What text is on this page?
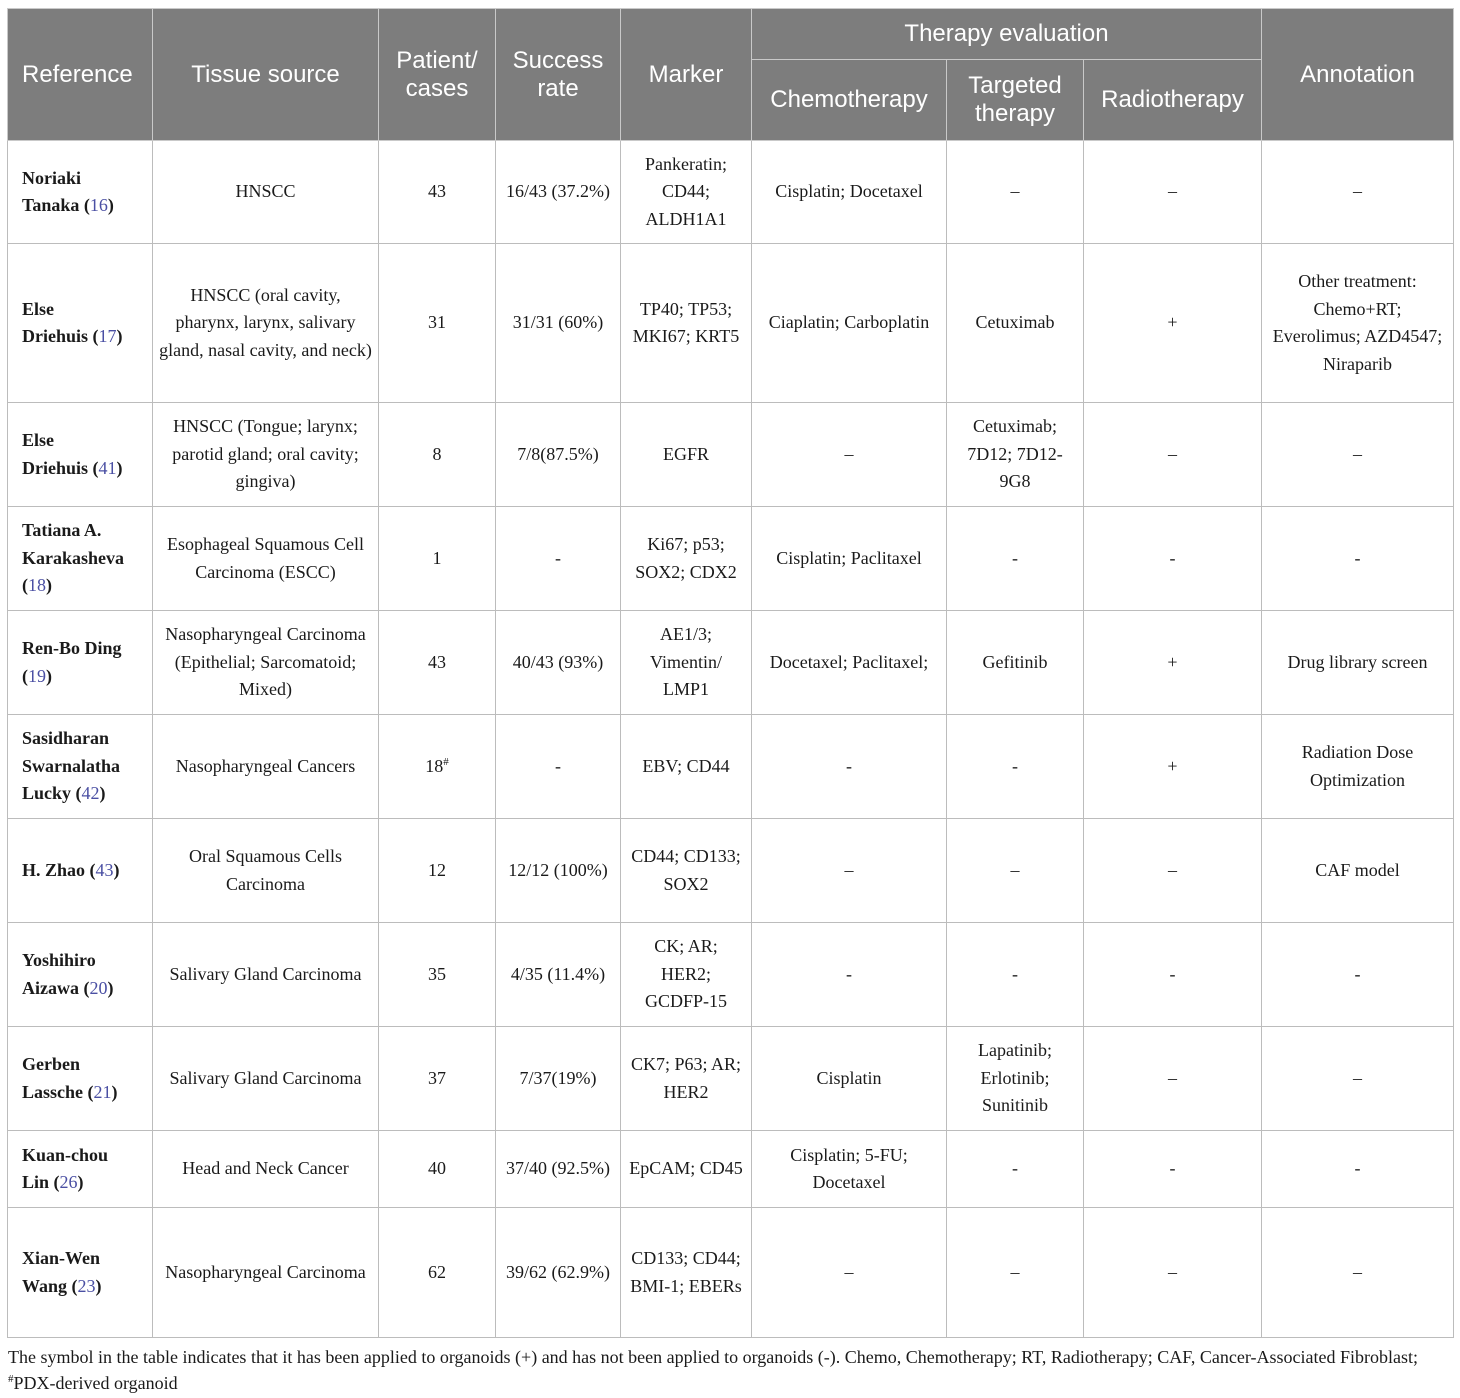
Reference	Tissue source	Patient/ cases	Success rate	Marker	Therapy evaluation			Annotation
					Chemotherapy	Targeted therapy	Radiotherapy	
Noriaki
Tanaka (16)	HNSCC	43	16/43 (37.2%)	Pankeratin; CD44; ALDH1A1	Cisplatin; Docetaxel	–	–	–
Else
Driehuis (17)	HNSCC (oral cavity, pharynx, larynx, salivary gland, nasal cavity, and neck)	31	31/31 (60%)	TP40; TP53; MKI67; KRT5	Ciaplatin; Carboplatin	Cetuximab	+	Other treatment: Chemo+RT; Everolimus; AZD4547; Niraparib
Else
Driehuis (41)	HNSCC (Tongue; larynx; parotid gland; oral cavity; gingiva)	8	7/8(87.5%)	EGFR	–	Cetuximab; 7D12; 7D12-9G8	–	–
Tatiana A.
Karakasheva (18)	Esophageal Squamous Cell Carcinoma (ESCC)	1	-	Ki67; p53; SOX2; CDX2	Cisplatin; Paclitaxel	-	-	-
Ren-Bo Ding (19)	Nasopharyngeal Carcinoma (Epithelial; Sarcomatoid; Mixed)	43	40/43 (93%)	AE1/3; Vimentin/ LMP1	Docetaxel; Paclitaxel;	Gefitinib	+	Drug library screen
Sasidharan Swarnalatha
Lucky (42)	Nasopharyngeal Cancers	18#	-	EBV; CD44	-	-	+	Radiation Dose Optimization
H. Zhao (43)	Oral Squamous Cells Carcinoma	12	12/12 (100%)	CD44; CD133; SOX2	–	–	–	CAF model
Yoshihiro
Aizawa (20)	Salivary Gland Carcinoma	35	4/35 (11.4%)	CK; AR; HER2; GCDFP-15	-	-	-	-
Gerben
Lassche (21)	Salivary Gland Carcinoma	37	7/37(19%)	CK7; P63; AR; HER2	Cisplatin	Lapatinib; Erlotinib; Sunitinib	–	–
Kuan-chou
Lin (26)	Head and Neck Cancer	40	37/40 (92.5%)	EpCAM; CD45	Cisplatin; 5-FU; Docetaxel	-	-	-
Xian-Wen
Wang (23)	Nasopharyngeal Carcinoma	62	39/62 (62.9%)	CD133; CD44; BMI-1; EBERs	–	–	–	–
The symbol in the table indicates that it has been applied to organoids (+) and has not been applied to organoids (-). Chemo, Chemotherapy; RT, Radiotherapy; CAF, Cancer-Associated Fibroblast; #PDX-derived organoid
